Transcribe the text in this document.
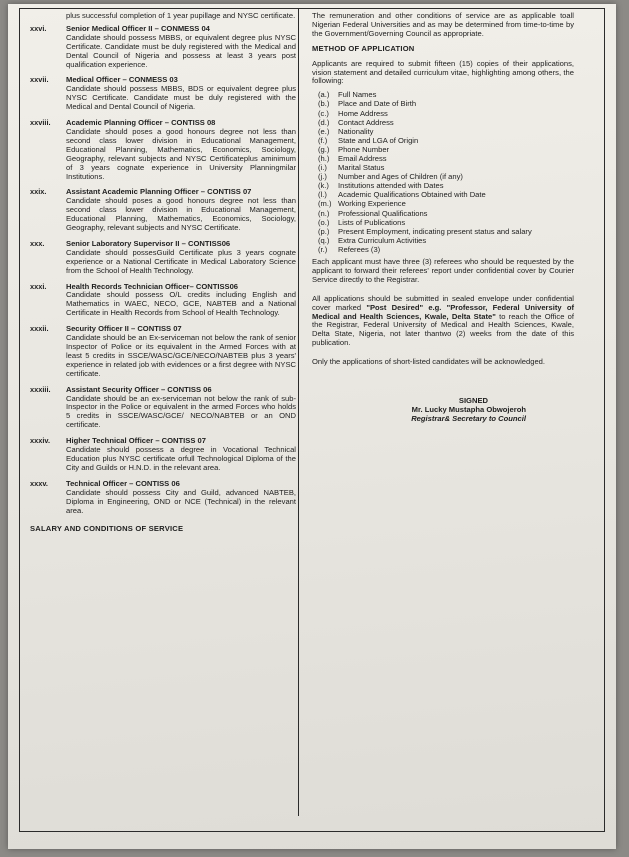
plus successful completion of 1 year pupillage and NYSC certificate.

xxvi.	Senior Medical Officer II – CONMESS 04
Candidate should possess MBBS, or equivalent degree plus NYSC Certificate. Candidate must be duly registered with the Medical and Dental Council of Nigeria and possess at least 3 years post qualification experience.
xxvii.	Medical Officer – CONMESS 03
Candidate should possess MBBS, BDS or equivalent degree plus NYSC Certificate. Candidate must be duly registered with the Medical and Dental Council of Nigeria.
xxviii.	Academic Planning Officer – CONTISS 08
Candidate should poses a good honours degree not less than second class lower division in Educational Management, Educational Planning, Mathematics, Economics, Sociology, Geography, relevant subjects and NYSC Certificateplus aminimum of 3 years cognate experience in University Planningmilar Institutions.
xxix.	Assistant Academic Planning Officer – CONTISS 07
Candidate should poses a good honours degree not less than second class lower division in Educational Management, Educational Planning, Mathematics, Economics, Sociology, Geography, relevant subjects and NYSC Certificate.
xxx.	Senior Laboratory Supervisor II – CONTISS06
Candidate should possesGuild Certificate plus 3 years cognate experience or a National Certificate in Medical Laboratory Science from the School of Health Technology.
xxxi.	Health Records Technician Officer– CONTISS06
Candidate should possess O/L credits including English and Mathematics in WAEC, NECO, GCE, NABTEB and a National Certificate in Health Records from School of Health Technology.
xxxii.	Security Officer II – CONTISS 07
Candidate should be an Ex-serviceman not below the rank of senior Inspector of Police or its equivalent in the Armed Forces with at least 5 credits in SSCE/WASC/GCE/NECO/NABTEB plus 3 years' experience in related job with evidences or a first degree with NYSC certificate.
xxxiii.	Assistant Security Officer – CONTISS 06
Candidate should be an ex-serviceman not below the rank of sub-Inspector in the Police or equivalent in the armed Forces who holds 5 credits in SSCE/WASC/GCE/ NECO/NABTEB or an OND certificate.
xxxiv.	Higher Technical Officer – CONTISS 07
Candidate should possess a degree in Vocational Technical Education plus NYSC certificate orfull Technological Diploma of the City and Guilds or H.N.D. in the relevant area.
xxxv.	Technical Officer – CONTISS 06
Candidate should possess City and Guild, advanced NABTEB, Diploma in Engineering, OND or NCE (Technical) in the relevant area.
SALARY AND CONDITIONS OF SERVICE

The remuneration and other conditions of service are as applicable toall Nigerian Federal Universities and as may be determined from time-to-time by the Government/Governing Council as appropriate.

METHOD OF APPLICATION

Applicants are required to submit fifteen (15) copies of their applications, vision statement and detailed curriculum vitae, highlighting among others, the following:

(a.)	Full Names
(b.)	Place and Date of Birth
(c.)	Home Address
(d.)	Contact Address
(e.)	Nationality
(f.)	State and LGA of Origin
(g.)	Phone Number
(h.)	Email Address
(i.)	Marital Status
(j.)	Number and Ages of Children (if any)
(k.)	Institutions attended with Dates
(l.)	Academic Qualifications Obtained with Date
(m.) Working Experience
(n.)	Professional Qualifications
(o.)	Lists of Publications
(p.)	Present Employment, indicating present status and salary
(q.)	Extra Curriculum Activities
(r.)	Referees (3)

Each applicant must have three (3) referees who should be requested by the applicant to forward their referees' report under confidential cover by Courier Service directly to the Registrar.

All applications should be submitted in sealed envelope under confidential cover marked "Post Desired" e.g. "Professor, Federal University of Medical and Health Sciences, Kwale, Delta State" to reach the Office of the Registrar, Federal University of Medical and Health Sciences, Kwale, Delta State, Nigeria, not later thantwo (2) weeks from the date of this publication.

Only the applications of short-listed candidates will be acknowledged.

SIGNED
Mr. Lucky Mustapha Obwojeroh
Registrar& Secretary to Council
